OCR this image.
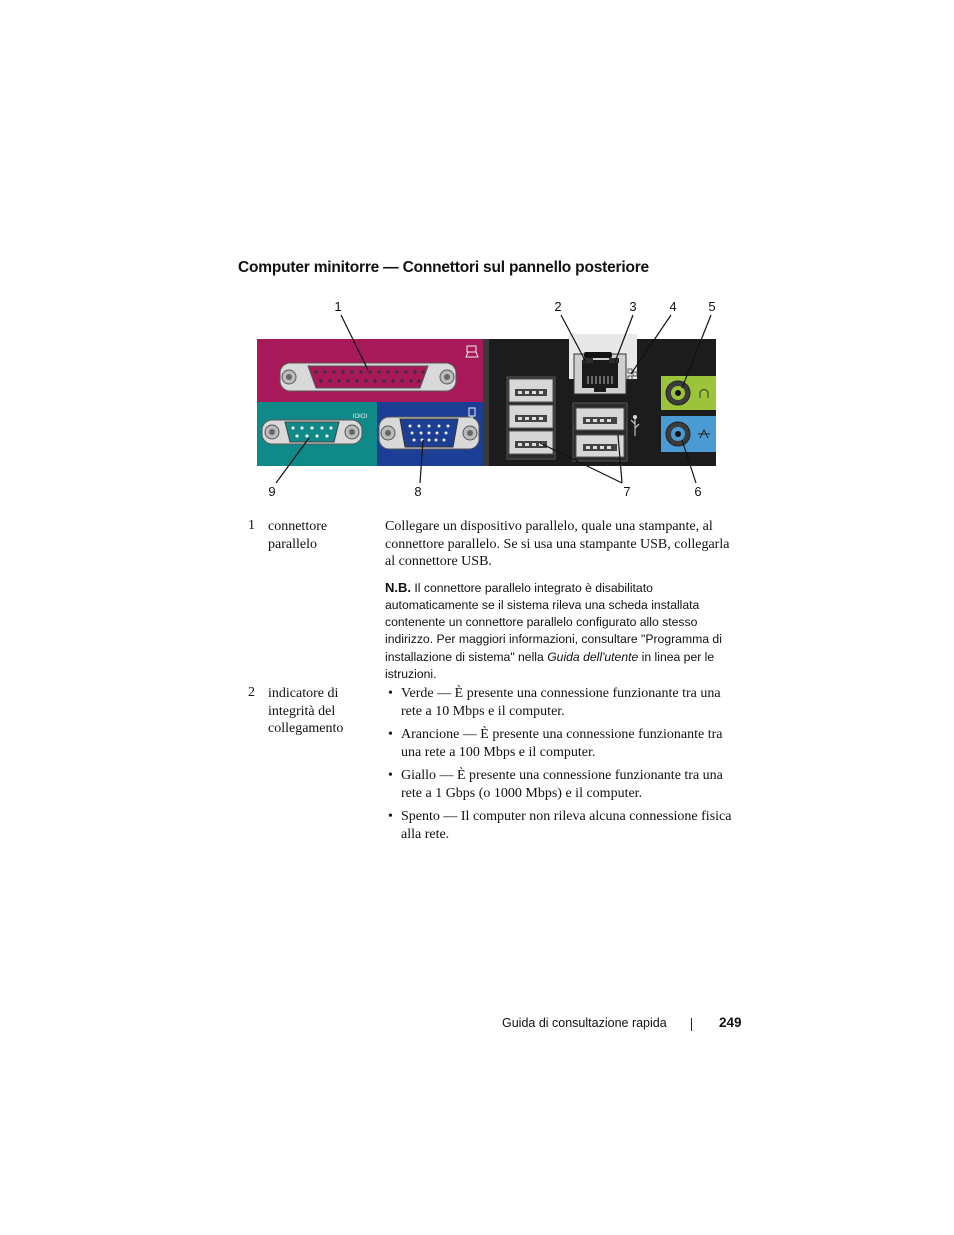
Computer minitorre — Connettori sul pannello posteriore
1	2	3	4 5
9	8	7	6
IOIOI
1 connettore parallelo
Collegare un dispositivo parallelo, quale una stampante, al connettore parallelo. Se si usa una stampante USB, collegarla al connettore USB.
N.B. Il connettore parallelo integrato è disabilitato automaticamente se il sistema rileva una scheda installata contenente un connettore parallelo configurato allo stesso indirizzo. Per maggiori informazioni, consultare "Programma di installazione di sistema" nella Guida dell'utente in linea per le istruzioni.
2 indicatore di integrità del collegamento
• Verde — È presente una connessione funzionante tra una rete a 10 Mbps e il computer.
• Arancione — È presente una connessione funzionante tra una rete a 100 Mbps e il computer.
• Giallo — È presente una connessione funzionante tra una rete a 1 Gbps (o 1000 Mbps) e il computer.
• Spento — Il computer non rileva alcuna connessione fisica alla rete.
Guida di consultazione rapida	249
